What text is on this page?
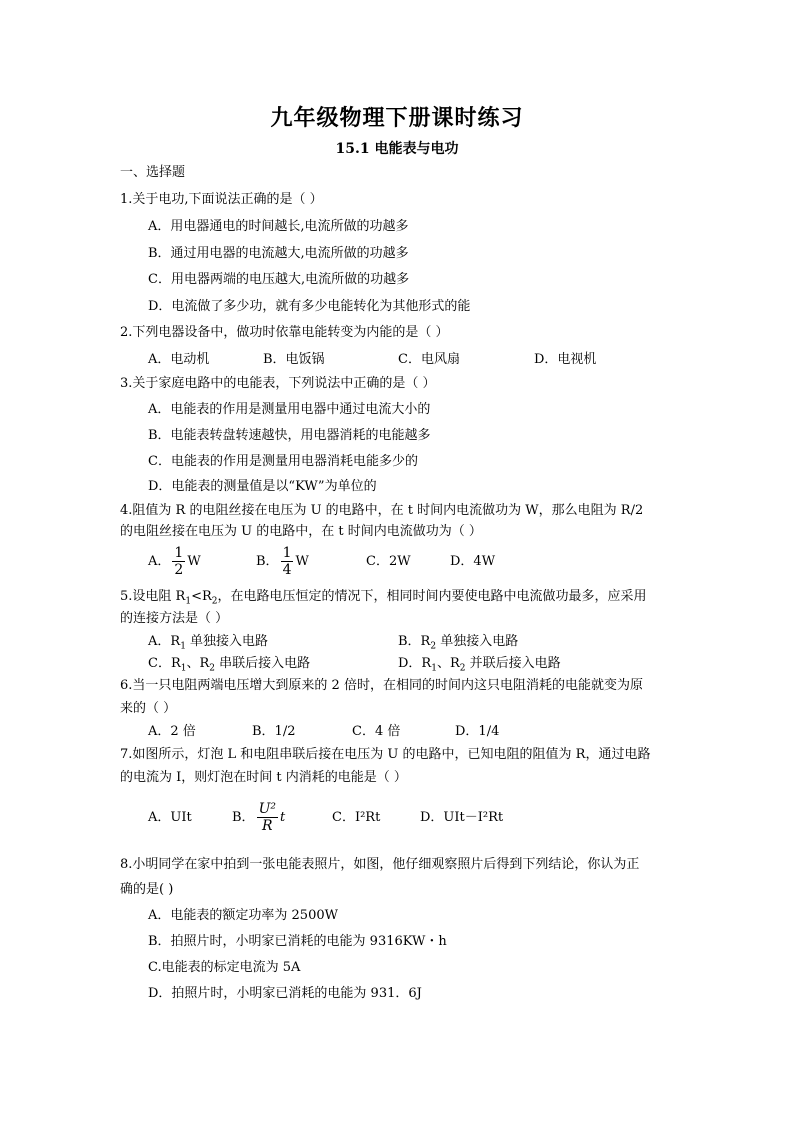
九年级物理下册课时练习
15.1 电能表与电功
一、选择题
1.关于电功,下面说法正确的是（ ）
A．用电器通电的时间越长,电流所做的功越多
B．通过用电器的电流越大,电流所做的功越多
C．用电器两端的电压越大,电流所做的功越多
D．电流做了多少功，就有多少电能转化为其他形式的能
2.下列电器设备中，做功时依靠电能转变为内能的是（ ）
A．电动机	B．电饭锅	C．电风扇	D．电视机
3.关于家庭电路中的电能表，下列说法中正确的是（ ）
A．电能表的作用是测量用电器中通过电流大小的
B．电能表转盘转速越快，用电器消耗的电能越多
C．电能表的作用是测量用电器消耗电能多少的
D．电能表的测量值是以“KW”为单位的
4.阻值为 R 的电阻丝接在电压为 U 的电路中，在 t 时间内电流做功为 W，那么电阻为 R/2
的电阻丝接在电压为 U 的电路中，在 t 时间内电流做功为（ ）
A． $\frac{1}{2}$ W	B． $\frac{1}{4}$ W	C．2W	D．4W
5.设电阻 $R_1<R_2$，在电路电压恒定的情况下，相同时间内要使电路中电流做功最多，应采用
的连接方法是（ ）
A．$R_1$ 单独接入电路	B．$R_2$ 单独接入电路
C．$R_1$、$R_2$ 串联后接入电路	D．$R_1$、$R_2$ 并联后接入电路
6.当一只电阻两端电压增大到原来的 2 倍时，在相同的时间内这只电阻消耗的电能就变为原
来的（ ）
A．2 倍	B．1/2	C．4 倍	D．1/4
7.如图所示，灯泡 L 和电阻串联后接在电压为 U 的电路中，已知电阻的阻值为 R，通过电路
的电流为 I，则灯泡在时间 t 内消耗的电能是（ ）
A．UIt	B． $\frac{\text{U²}}{R}$ t	C．I²Rt	D．UIt－I²Rt
8.小明同学在家中拍到一张电能表照片，如图，他仔细观察照片后得到下列结论，你认为正
确的是( )
A．电能表的额定功率为 2500W
B．拍照片时，小明家已消耗的电能为 9316KW・h
C.电能表的标定电流为 5A
D．拍照片时，小明家已消耗的电能为 931．6J
